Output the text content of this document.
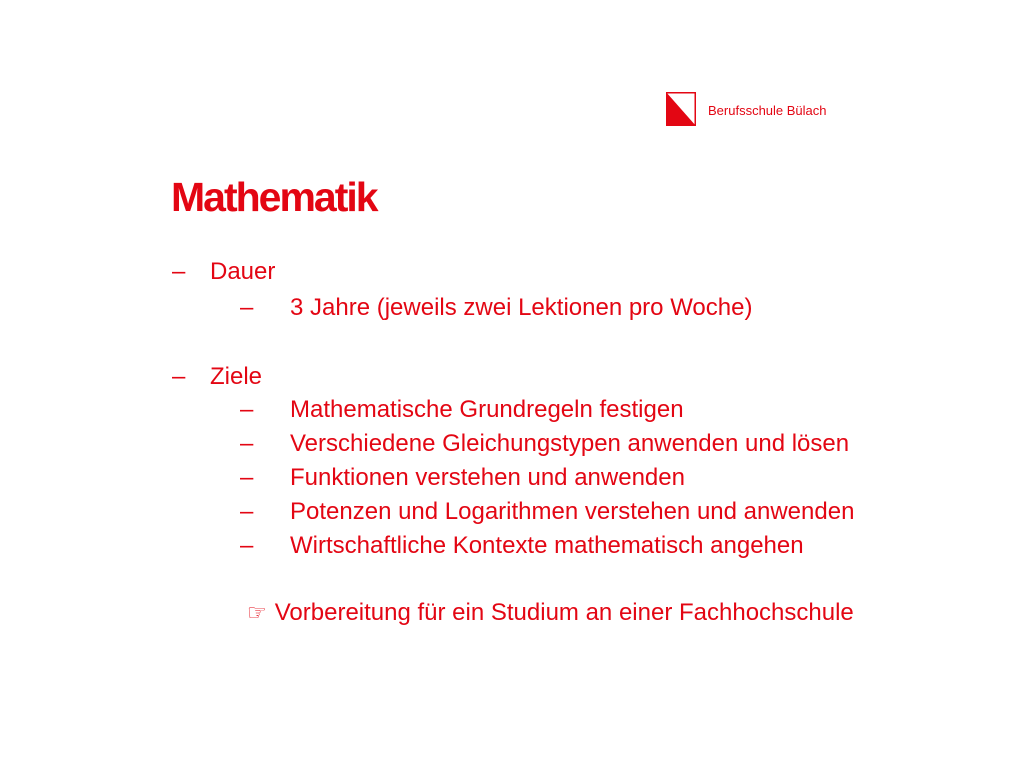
Berufsschule Bülach
Mathematik
– Dauer
– 3 Jahre (jeweils zwei Lektionen pro Woche)
– Ziele
– Mathematische Grundregeln festigen
– Verschiedene Gleichungstypen anwenden und lösen
– Funktionen verstehen und anwenden
– Potenzen und Logarithmen verstehen und anwenden
– Wirtschaftliche Kontexte mathematisch angehen
☞ Vorbereitung für ein Studium an einer Fachhochschule
